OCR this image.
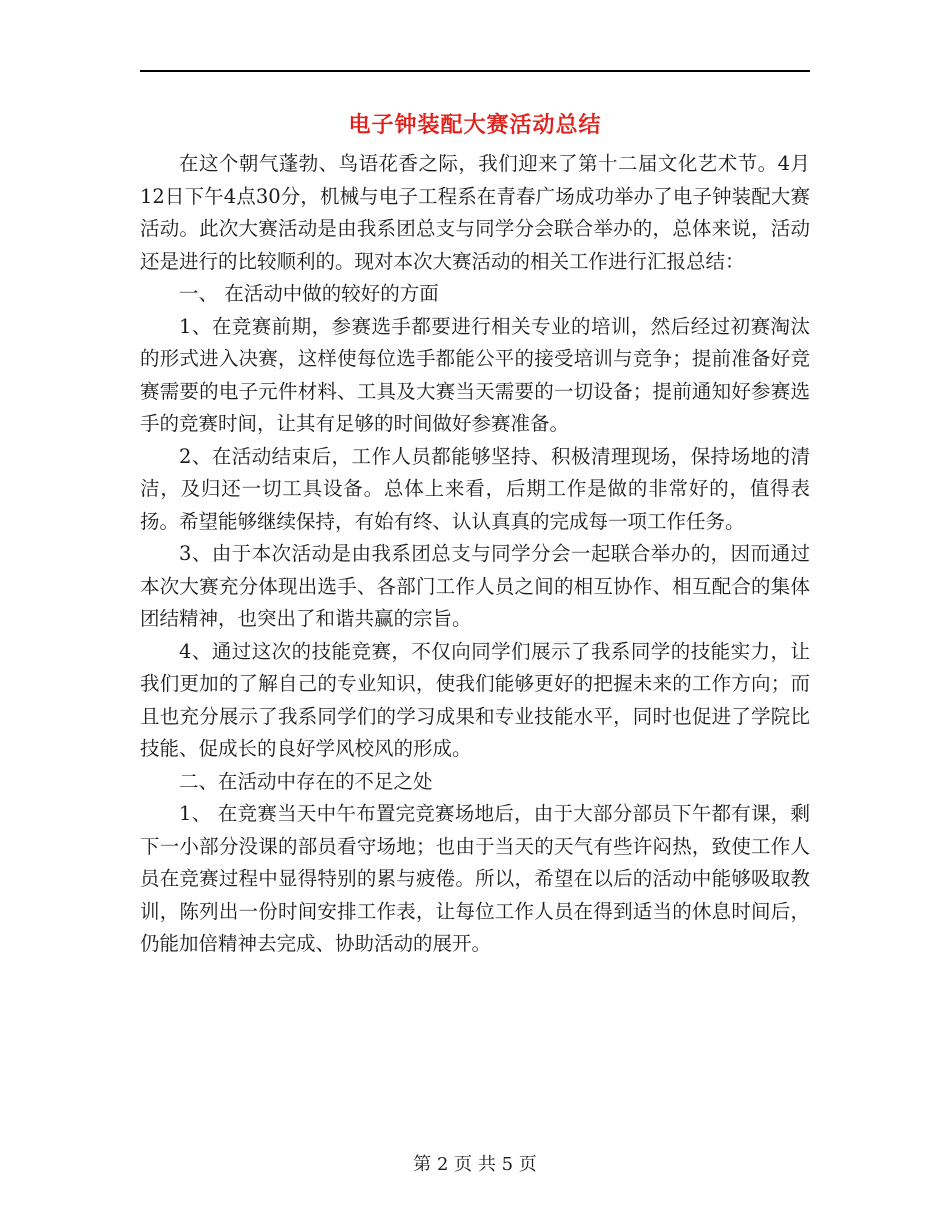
电子钟装配大赛活动总结

在这个朝气蓬勃、鸟语花香之际，我们迎来了第十二届文化艺术节。4月12日下午4点30分，机械与电子工程系在青春广场成功举办了电子钟装配大赛活动。此次大赛活动是由我系团总支与同学分会联合举办的，总体来说，活动还是进行的比较顺利的。现对本次大赛活动的相关工作进行汇报总结：

一、 在活动中做的较好的方面

1、在竞赛前期，参赛选手都要进行相关专业的培训，然后经过初赛淘汰的形式进入决赛，这样使每位选手都能公平的接受培训与竞争；提前准备好竞赛需要的电子元件材料、工具及大赛当天需要的一切设备；提前通知好参赛选手的竞赛时间，让其有足够的时间做好参赛准备。

2、在活动结束后，工作人员都能够坚持、积极清理现场，保持场地的清洁，及归还一切工具设备。总体上来看，后期工作是做的非常好的，值得表扬。希望能够继续保持，有始有终、认认真真的完成每一项工作任务。

3、由于本次活动是由我系团总支与同学分会一起联合举办的，因而通过本次大赛充分体现出选手、各部门工作人员之间的相互协作、相互配合的集体团结精神，也突出了和谐共赢的宗旨。

4、通过这次的技能竞赛，不仅向同学们展示了我系同学的技能实力，让我们更加的了解自己的专业知识，使我们能够更好的把握未来的工作方向；而且也充分展示了我系同学们的学习成果和专业技能水平，同时也促进了学院比技能、促成长的良好学风校风的形成。

二、在活动中存在的不足之处

1、 在竞赛当天中午布置完竞赛场地后，由于大部分部员下午都有课，剩下一小部分没课的部员看守场地；也由于当天的天气有些许闷热，致使工作人员在竞赛过程中显得特别的累与疲倦。所以，希望在以后的活动中能够吸取教训，陈列出一份时间安排工作表，让每位工作人员在得到适当的休息时间后，仍能加倍精神去完成、协助活动的展开。

第 2 页 共 5 页
